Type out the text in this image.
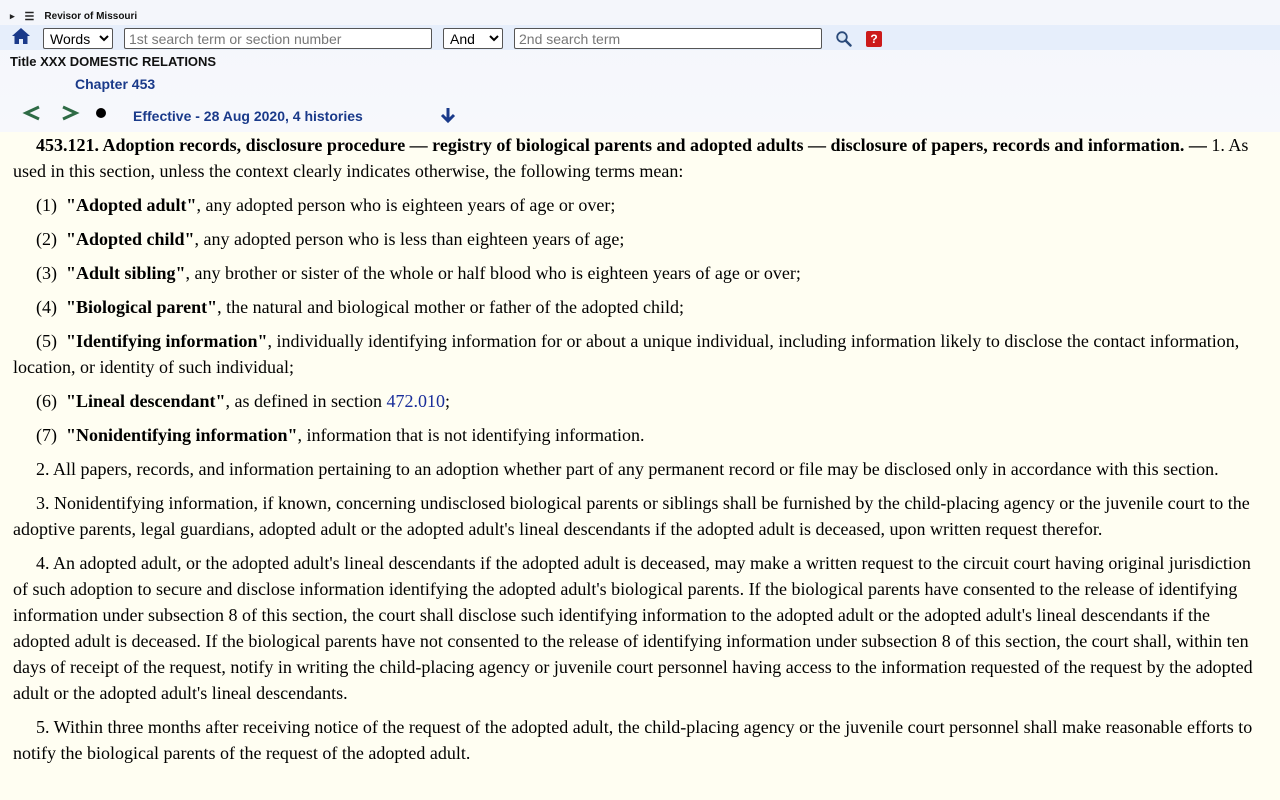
▸ ☰ Revisor of Missouri
Words
1st search term or section number
And
2nd search term
?
Title XXX DOMESTIC RELATIONS
Chapter 453
Effective - 28 Aug 2020, 4 histories

453.121. Adoption records, disclosure procedure — registry of biological parents and adopted adults — disclosure of papers, records and information. — 1. As used in this section, unless the context clearly indicates otherwise, the following terms mean:

(1) "Adopted adult", any adopted person who is eighteen years of age or over;

(2) "Adopted child", any adopted person who is less than eighteen years of age;

(3) "Adult sibling", any brother or sister of the whole or half blood who is eighteen years of age or over;

(4) "Biological parent", the natural and biological mother or father of the adopted child;

(5) "Identifying information", individually identifying information for or about a unique individual, including information likely to disclose the contact information, location, or identity of such individual;

(6) "Lineal descendant", as defined in section 472.010;

(7) "Nonidentifying information", information that is not identifying information.

2. All papers, records, and information pertaining to an adoption whether part of any permanent record or file may be disclosed only in accordance with this section.

3. Nonidentifying information, if known, concerning undisclosed biological parents or siblings shall be furnished by the child-placing agency or the juvenile court to the adoptive parents, legal guardians, adopted adult or the adopted adult's lineal descendants if the adopted adult is deceased, upon written request therefor.

4. An adopted adult, or the adopted adult's lineal descendants if the adopted adult is deceased, may make a written request to the circuit court having original jurisdiction of such adoption to secure and disclose information identifying the adopted adult's biological parents. If the biological parents have consented to the release of identifying information under subsection 8 of this section, the court shall disclose such identifying information to the adopted adult or the adopted adult's lineal descendants if the adopted adult is deceased. If the biological parents have not consented to the release of identifying information under subsection 8 of this section, the court shall, within ten days of receipt of the request, notify in writing the child-placing agency or juvenile court personnel having access to the information requested of the request by the adopted adult or the adopted adult's lineal descendants.

5. Within three months after receiving notice of the request of the adopted adult, the child-placing agency or the juvenile court personnel shall make reasonable efforts to notify the biological parents of the request of the adopted adult.
